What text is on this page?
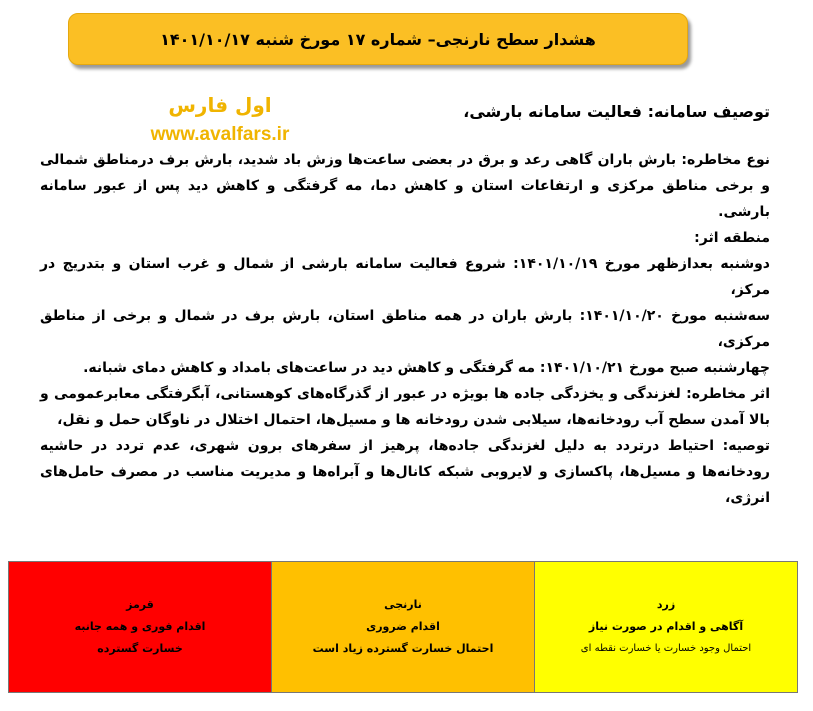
هشدار سطح نارنجی– شماره ۱۷ مورخ شنبه ۱۴۰۱/۱۰/۱۷
اول فارس
www.avalfars.ir

توصیف سامانه: فعالیت سامانه بارشی،

نوع مخاطره: بارش باران گاهی رعد و برق در بعضی ساعت‌ها وزش باد شدید، بارش برف درمناطق شمالی و برخی مناطق مرکزی و ارتفاعات استان و کاهش دما، مه گرفتگی و کاهش دید پس از عبور سامانه بارشی.

منطقه اثر:

دوشنبه بعدازظهر مورخ ۱۴۰۱/۱۰/۱۹: شروع فعالیت سامانه بارشی از شمال و غرب استان و بتدریج در مرکز،

سه‌شنبه مورخ ۱۴۰۱/۱۰/۲۰: بارش باران در همه مناطق استان، بارش برف در شمال و برخی از مناطق مرکزی،

چهارشنبه صبح مورخ ۱۴۰۱/۱۰/۲۱: مه گرفتگی و کاهش دید در ساعت‌های بامداد و کاهش دمای شبانه.

اثر مخاطره: لغزندگی و یخزدگی جاده ها بویژه در عبور از گذرگاه‌های کوهستانی، آبگرفتگی معابرعمومی و بالا آمدن سطح آب رودخانه‌ها، سیلابی شدن رودخانه ها و مسیل‌ها، احتمال اختلال در ناوگان حمل و نقل،

توصیه: احتیاط درتردد به دلیل لغزندگی جاده‌ها، پرهیز از سفرهای برون شهری، عدم تردد در حاشیه رودخانه‌ها و مسیل‌ها، پاکسازی و لایروبی شبکه کانال‌ها و آبراه‌ها و مدیریت مناسب در مصرف حامل‌های انرژی،

زرد
آگاهی و اقدام در صورت نیاز
احتمال وجود خسارت یا خسارت نقطه ای
نارنجی
اقدام ضروری
احتمال خسارت گسترده زیاد است
قرمز
اقدام فوری و همه جانبه
خسارت گسترده
